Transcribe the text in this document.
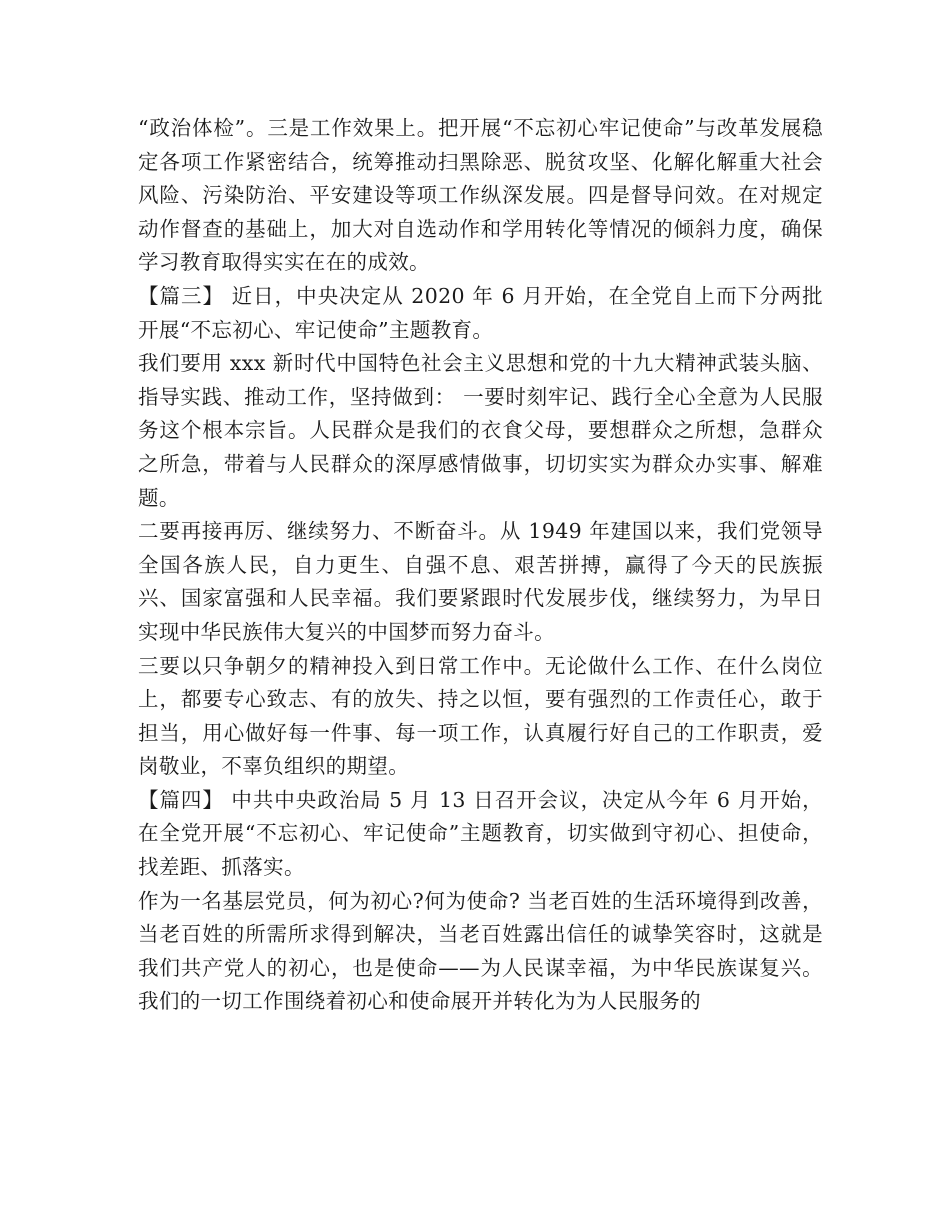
“政治体检”。三是工作效果上。把开展“不忘初心牢记使命”与改革发展稳定各项工作紧密结合，统筹推动扫黑除恶、脱贫攻坚、化解化解重大社会风险、污染防治、平安建设等项工作纵深发展。四是督导问效。在对规定动作督查的基础上，加大对自选动作和学用转化等情况的倾斜力度，确保学习教育取得实实在在的成效。

【篇三】 近日，中央决定从 2020 年 6 月开始，在全党自上而下分两批开展“不忘初心、牢记使命”主题教育。

我们要用 xxx 新时代中国特色社会主义思想和党的十九大精神武装头脑、指导实践、推动工作，坚持做到： 一要时刻牢记、践行全心全意为人民服务这个根本宗旨。人民群众是我们的衣食父母，要想群众之所想，急群众之所急，带着与人民群众的深厚感情做事，切切实实为群众办实事、解难题。

二要再接再厉、继续努力、不断奋斗。从 1949 年建国以来，我们党领导全国各族人民，自力更生、自强不息、艰苦拼搏，赢得了今天的民族振兴、国家富强和人民幸福。我们要紧跟时代发展步伐，继续努力，为早日实现中华民族伟大复兴的中国梦而努力奋斗。

三要以只争朝夕的精神投入到日常工作中。无论做什么工作、在什么岗位上，都要专心致志、有的放失、持之以恒，要有强烈的工作责任心，敢于担当，用心做好每一件事、每一项工作，认真履行好自己的工作职责，爱岗敬业，不辜负组织的期望。

【篇四】 中共中央政治局 5 月 13 日召开会议，决定从今年 6 月开始，在全党开展“不忘初心、牢记使命”主题教育，切实做到守初心、担使命，找差距、抓落实。

作为一名基层党员，何为初心?何为使命? 当老百姓的生活环境得到改善，当老百姓的所需所求得到解决，当老百姓露出信任的诚挚笑容时，这就是我们共产党人的初心，也是使命——为人民谋幸福，为中华民族谋复兴。我们的一切工作围绕着初心和使命展开并转化为为人民服务的
